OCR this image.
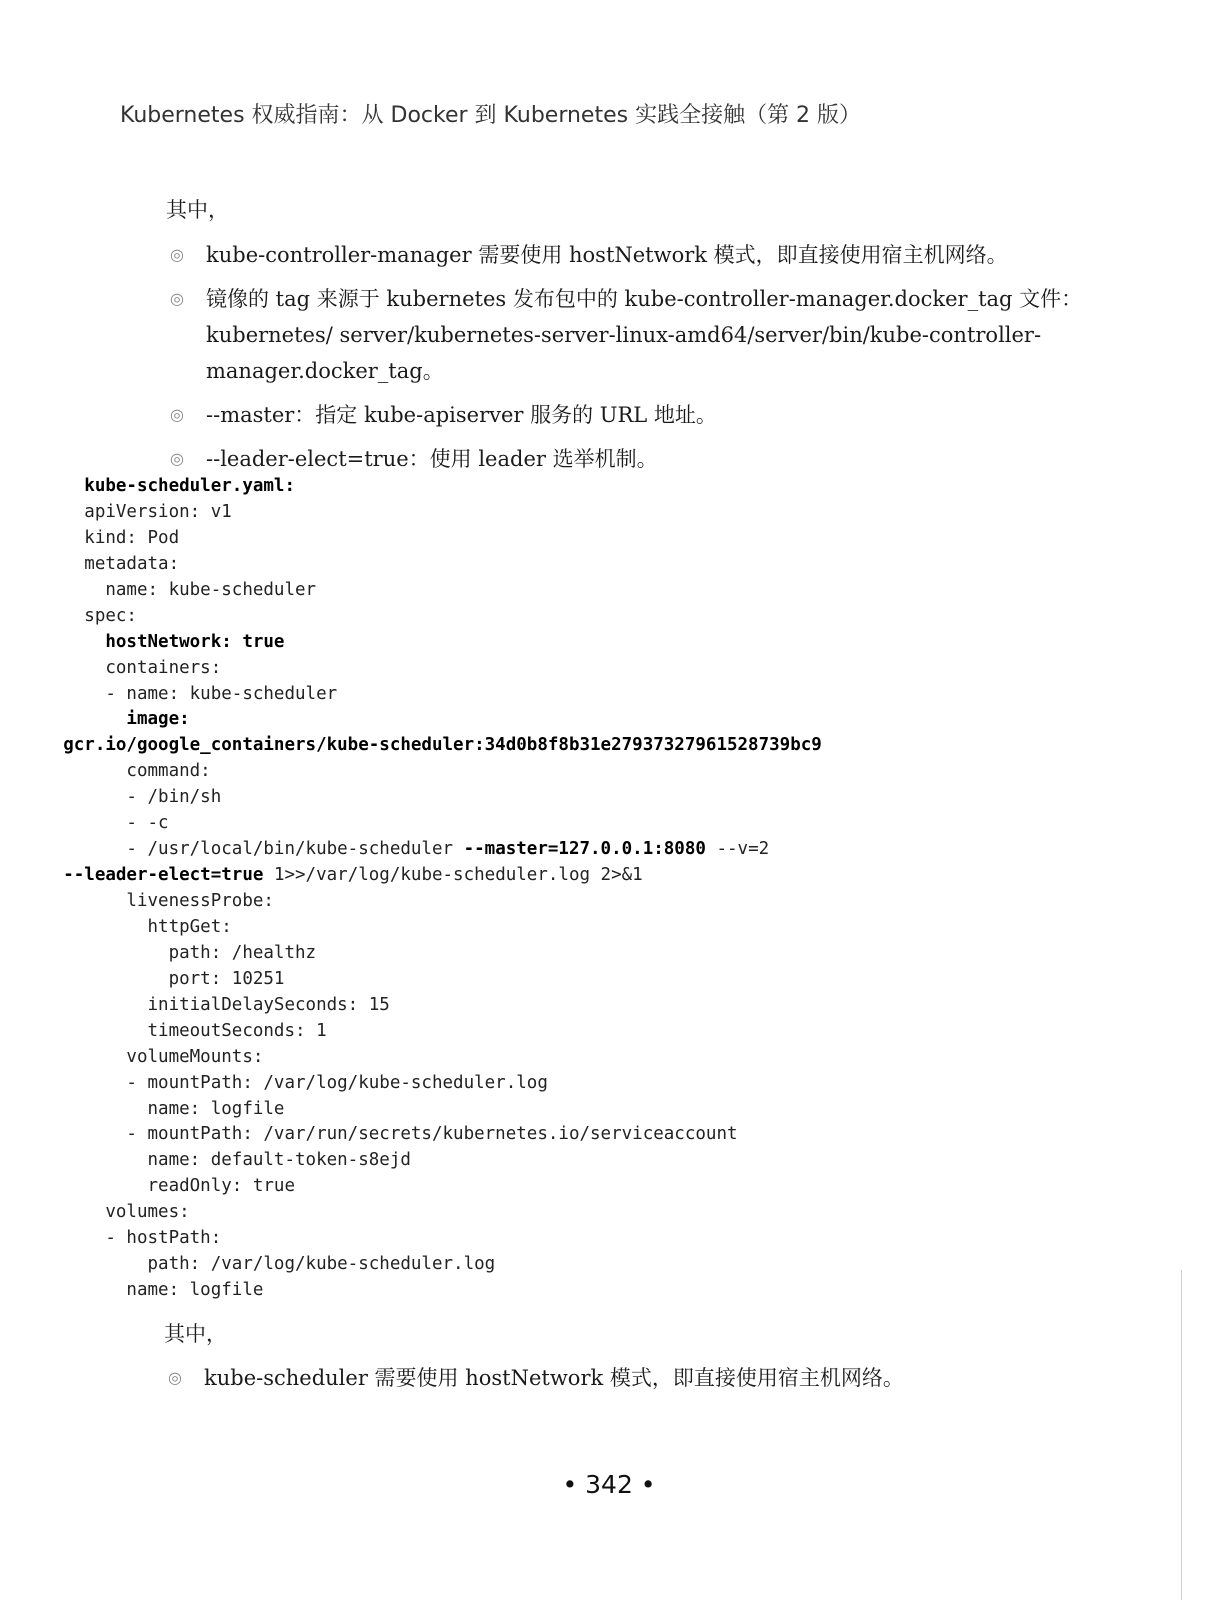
Kubernetes 权威指南：从 Docker 到 Kubernetes 实践全接触（第 2 版）
其中，
◎ kube-controller-manager 需要使用 hostNetwork 模式，即直接使用宿主机网络。
◎ 镜像的 tag 来源于 kubernetes 发布包中的 kube-controller-manager.docker_tag 文件：kubernetes/ server/kubernetes-server-linux-amd64/server/bin/kube-controller-manager.docker_tag。
◎ --master：指定 kube-apiserver 服务的 URL 地址。
◎ --leader-elect=true：使用 leader 选举机制。
kube-scheduler.yaml:
apiVersion: v1
kind: Pod
metadata:
name: kube-scheduler
spec:
hostNetwork: true
containers:
- name: kube-scheduler
image:
gcr.io/google_containers/kube-scheduler:34d0b8f8b31e27937327961528739bc9
command:
- /bin/sh
- -c
- /usr/local/bin/kube-scheduler --master=127.0.0.1:8080 --v=2
--leader-elect=true 1>>/var/log/kube-scheduler.log 2>&1
livenessProbe:
httpGet:
path: /healthz
port: 10251
initialDelaySeconds: 15
timeoutSeconds: 1
volumeMounts:
- mountPath: /var/log/kube-scheduler.log
name: logfile
- mountPath: /var/run/secrets/kubernetes.io/serviceaccount
name: default-token-s8ejd
readOnly: true
volumes:
- hostPath:
path: /var/log/kube-scheduler.log
name: logfile
其中，
◎ kube-scheduler 需要使用 hostNetwork 模式，即直接使用宿主机网络。
• 342 •
